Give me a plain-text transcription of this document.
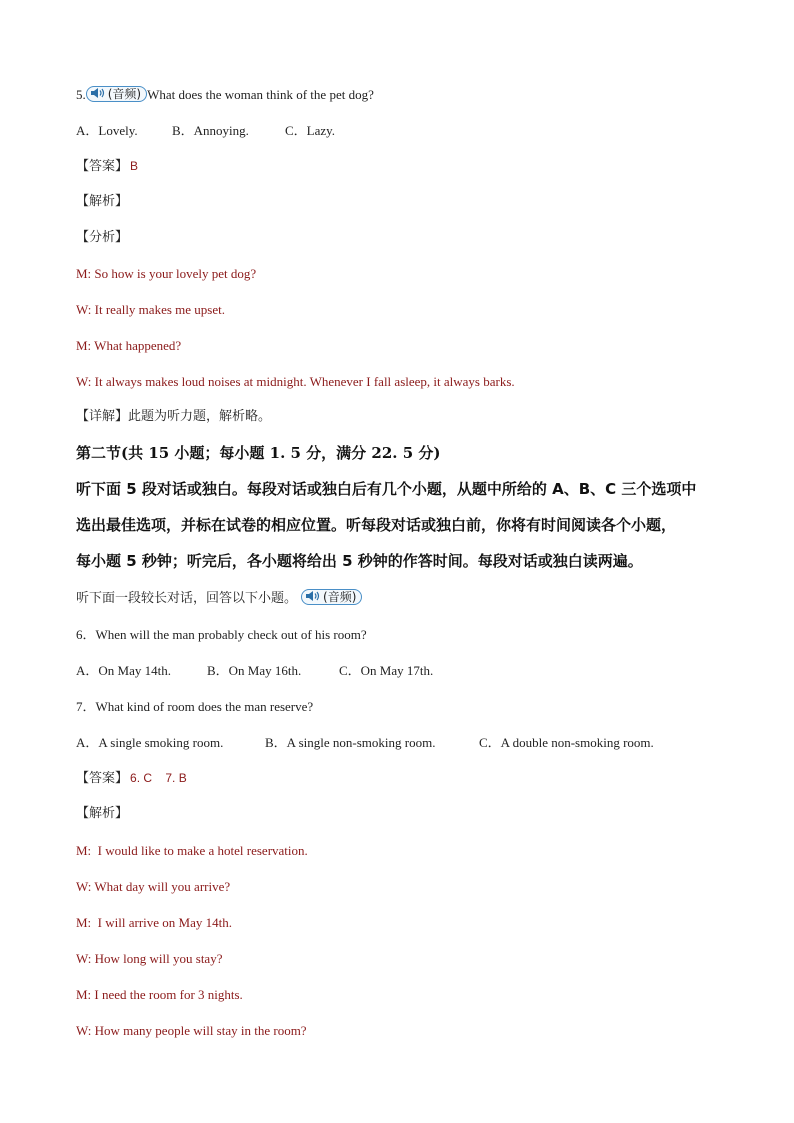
5. (音频) What does the woman think of the pet dog?
A．Lovely.	B．Annoying.	C．Lazy.
【答案】 B
【解析】
【分析】
M: So how is your lovely pet dog?
W: It really makes me upset.
M: What happened?
W: It always makes loud noises at midnight. Whenever I fall asleep, it always barks.
【详解】此题为听力题，解析略。
第二节(共 15 小题；每小题 1. 5 分，满分 22. 5 分)
听下面 5 段对话或独白。每段对话或独白后有几个小题，从题中所给的 A、B、C 三个选项中
选出最佳选项，并标在试卷的相应位置。听每段对话或独白前，你将有时间阅读各个小题，
每小题 5 秒钟；听完后，各小题将给出 5 秒钟的作答时间。每段对话或独白读两遍。
听下面一段较长对话，回答以下小题。 (音频)
6．When will the man probably check out of his room?
A．On May 14th.	B．On May 16th.	C．On May 17th.
7．What kind of room does the man reserve?
A．A single smoking room.	B．A single non-smoking room.	C．A double non-smoking room.
【答案】 6. C    7. B
【解析】
M:  I would like to make a hotel reservation.
W: What day will you arrive?
M:  I will arrive on May 14th.
W: How long will you stay?
M: I need the room for 3 nights.
W: How many people will stay in the room?
